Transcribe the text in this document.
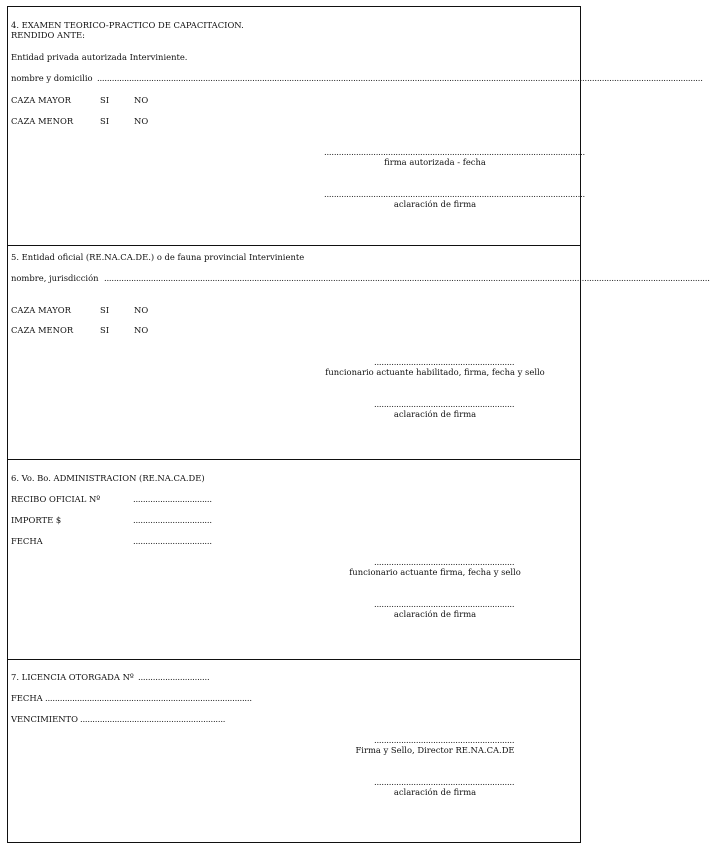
4. EXAMEN TEORICO-PRACTICO DE CAPACITACION.
RENDIDO ANTE:
Entidad privada autorizada Interviniente.
nombre y domicilio ......................................................................................................................................................................................................................................................
CAZA MAYOR	SI	NO
CAZA MENOR	SI	NO
..........................................................................................................
firma autorizada - fecha
..........................................................................................................
aclaración de firma
5. Entidad oficial (RE.NA.CA.DE.) o de fauna provincial Interviniente
nombre, jurisdicción ......................................................................................................................................................................................................................................................
CAZA MAYOR	SI	NO
CAZA MENOR	SI	NO
.........................................................
funcionario actuante habilitado, firma, fecha y sello
.........................................................
aclaración de firma
6. Vo. Bo. ADMINISTRACION (RE.NA.CA.DE)
RECIBO OFICIAL Nº	................................
IMPORTE $	................................
FECHA	................................
.........................................................
funcionario actuante firma, fecha y sello
.........................................................
aclaración de firma
7. LICENCIA OTORGADA Nº .............................
FECHA ....................................................................................
VENCIMIENTO ...........................................................
.........................................................
Firma y Sello, Director RE.NA.CA.DE
.........................................................
aclaración de firma
